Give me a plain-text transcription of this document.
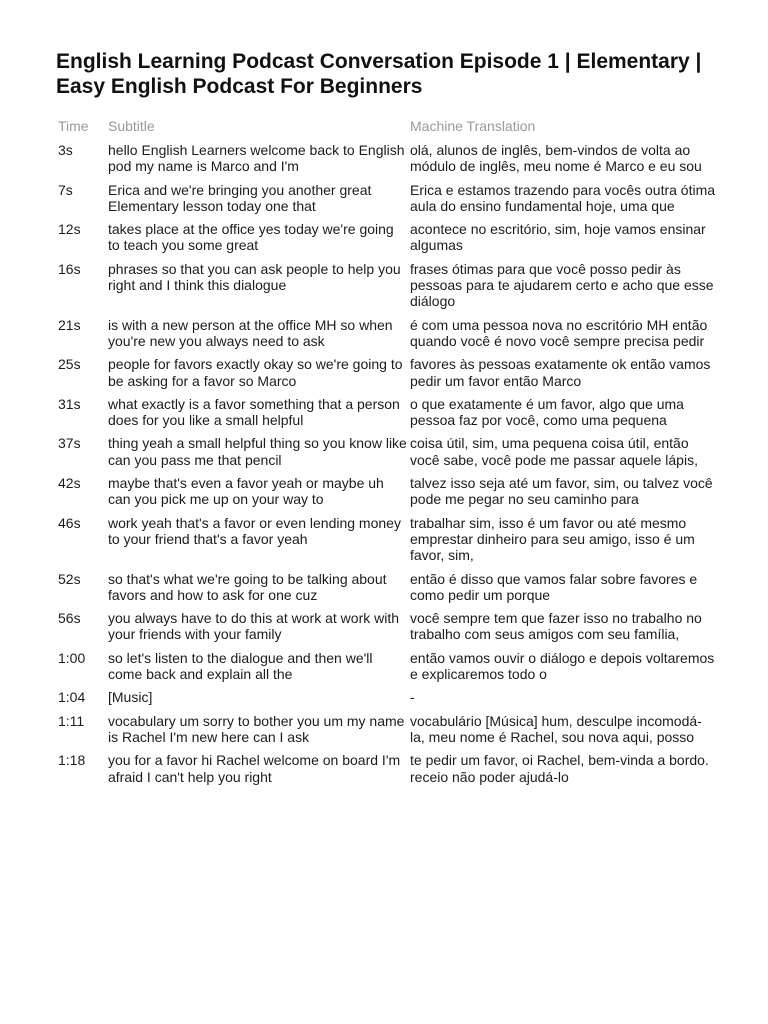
English Learning Podcast Conversation Episode 1 | Elementary | Easy English Podcast For Beginners
Time	Subtitle	Machine Translation
3s	hello English Learners welcome back to English pod my name is Marco and I'm	olá, alunos de inglês, bem-vindos de volta ao módulo de inglês, meu nome é Marco e eu sou
7s	Erica and we're bringing you another great Elementary lesson today one that	Erica e estamos trazendo para vocês outra ótima aula do ensino fundamental hoje, uma que
12s	takes place at the office yes today we're going to teach you some great	acontece no escritório, sim, hoje vamos ensinar algumas
16s	phrases so that you can ask people to help you right and I think this dialogue	frases ótimas para que você posso pedir às pessoas para te ajudarem certo e acho que esse diálogo
21s	is with a new person at the office MH so when you're new you always need to ask	é com uma pessoa nova no escritório MH então quando você é novo você sempre precisa pedir
25s	people for favors exactly okay so we're going to be asking for a favor so Marco	favores às pessoas exatamente ok então vamos pedir um favor então Marco
31s	what exactly is a favor something that a person does for you like a small helpful	o que exatamente é um favor, algo que uma pessoa faz por você, como uma pequena
37s	thing yeah a small helpful thing so you know like can you pass me that pencil	coisa útil, sim, uma pequena coisa útil, então você sabe, você pode me passar aquele lápis,
42s	maybe that's even a favor yeah or maybe uh can you pick me up on your way to	talvez isso seja até um favor, sim, ou talvez você pode me pegar no seu caminho para
46s	work yeah that's a favor or even lending money to your friend that's a favor yeah	trabalhar sim, isso é um favor ou até mesmo emprestar dinheiro para seu amigo, isso é um favor, sim,
52s	so that's what we're going to be talking about favors and how to ask for one cuz	então é disso que vamos falar sobre favores e como pedir um porque
56s	you always have to do this at work at work with your friends with your family	você sempre tem que fazer isso no trabalho no trabalho com seus amigos com seu família,
1:00	so let's listen to the dialogue and then we'll come back and explain all the	então vamos ouvir o diálogo e depois voltaremos e explicaremos todo o
1:04	[Music]	-
1:11	vocabulary um sorry to bother you um my name is Rachel I'm new here can I ask	vocabulário [Música] hum, desculpe incomodá-la, meu nome é Rachel, sou nova aqui, posso
1:18	you for a favor hi Rachel welcome on board I'm afraid I can't help you right	te pedir um favor, oi Rachel, bem-vinda a bordo. receio não poder ajudá-lo
